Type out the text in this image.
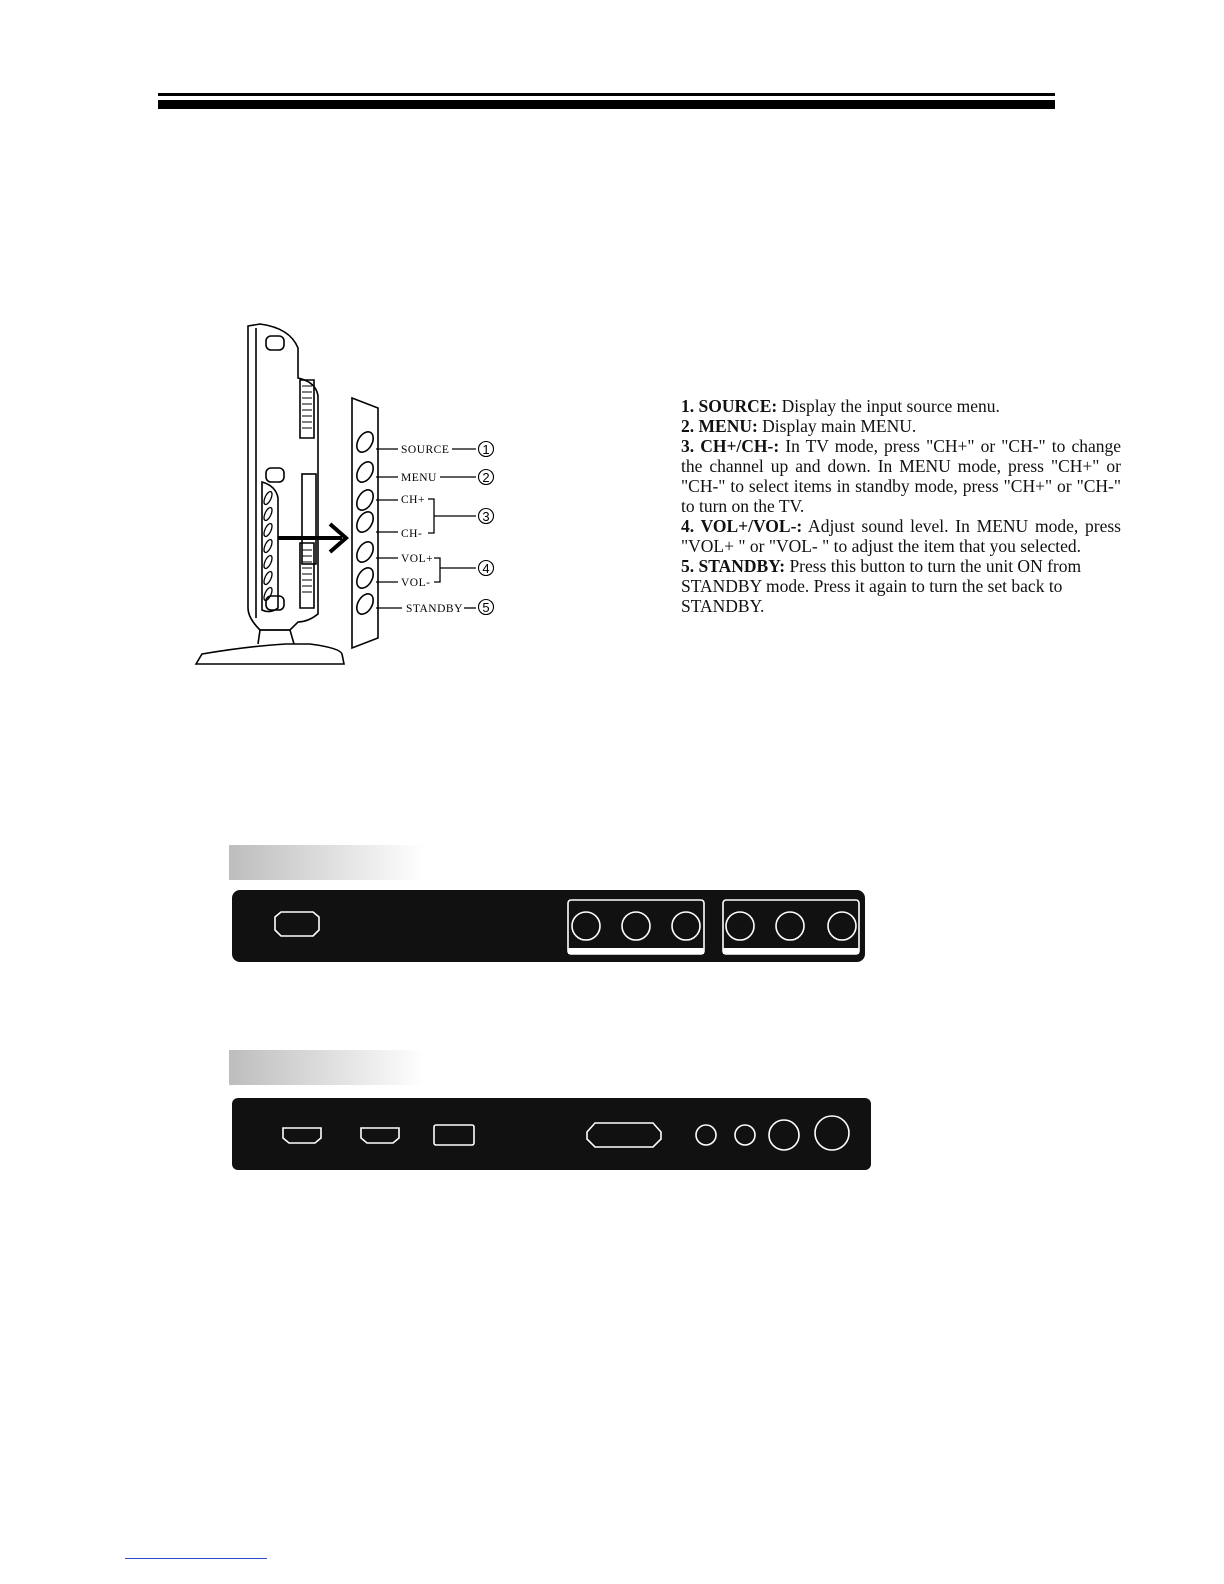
SOURCE
MENU
CH+
CH-
VOL+
VOL-
STANDBY
1
2
3
4
5

1. SOURCE: Display the input source menu.

2. MENU: Display main MENU.

3. CH+/CH-: In TV mode, press "CH+" or "CH-" to change the channel up and down. In MENU mode, press "CH+" or "CH-" to select items in standby mode, press "CH+" or "CH-" to turn on the TV.

4. VOL+/VOL-: Adjust sound level. In MENU mode, press "VOL+ " or "VOL- " to adjust the item that you selected.

5. STANDBY: Press this button to turn the unit ON from STANDBY mode. Press it again to turn the set back to STANDBY.
